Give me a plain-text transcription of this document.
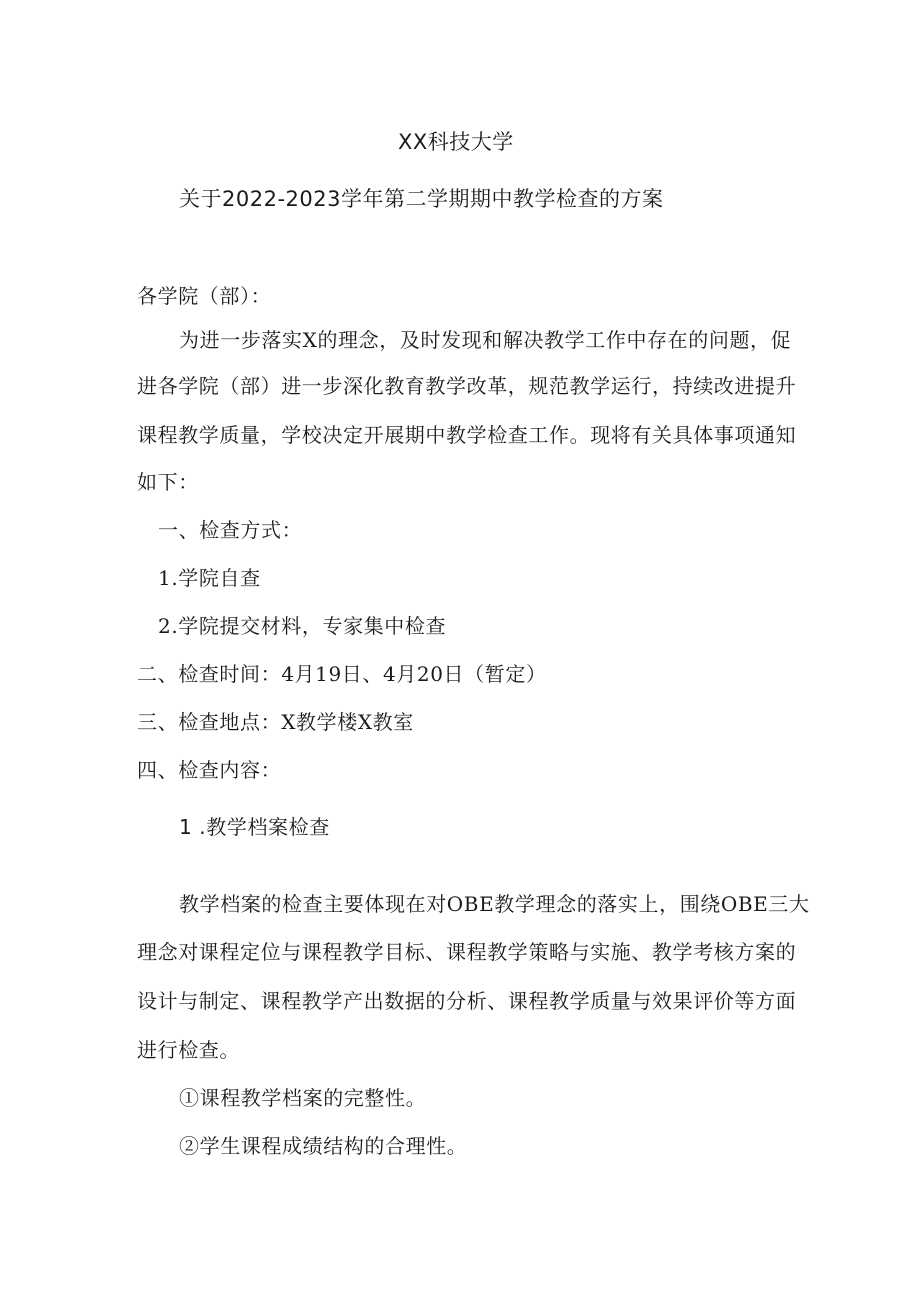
XX科技大学
关于2022-2023学年第二学期期中教学检查的方案
各学院（部）：
为进一步落实X的理念，及时发现和解决教学工作中存在的问题，促
进各学院（部）进一步深化教育教学改革，规范教学运行，持续改进提升
课程教学质量，学校决定开展期中教学检查工作。现将有关具体事项通知
如下：
一、检查方式：
1.学院自查
2.学院提交材料，专家集中检查
二、检查时间：4月19日、4月20日（暂定）
三、检查地点：X教学楼X教室
四、检查内容：
1 .教学档案检查
教学档案的检查主要体现在对OBE教学理念的落实上，围绕OBE三大
理念对课程定位与课程教学目标、课程教学策略与实施、教学考核方案的
设计与制定、课程教学产出数据的分析、课程教学质量与效果评价等方面
进行检查。
①课程教学档案的完整性。
②学生课程成绩结构的合理性。
